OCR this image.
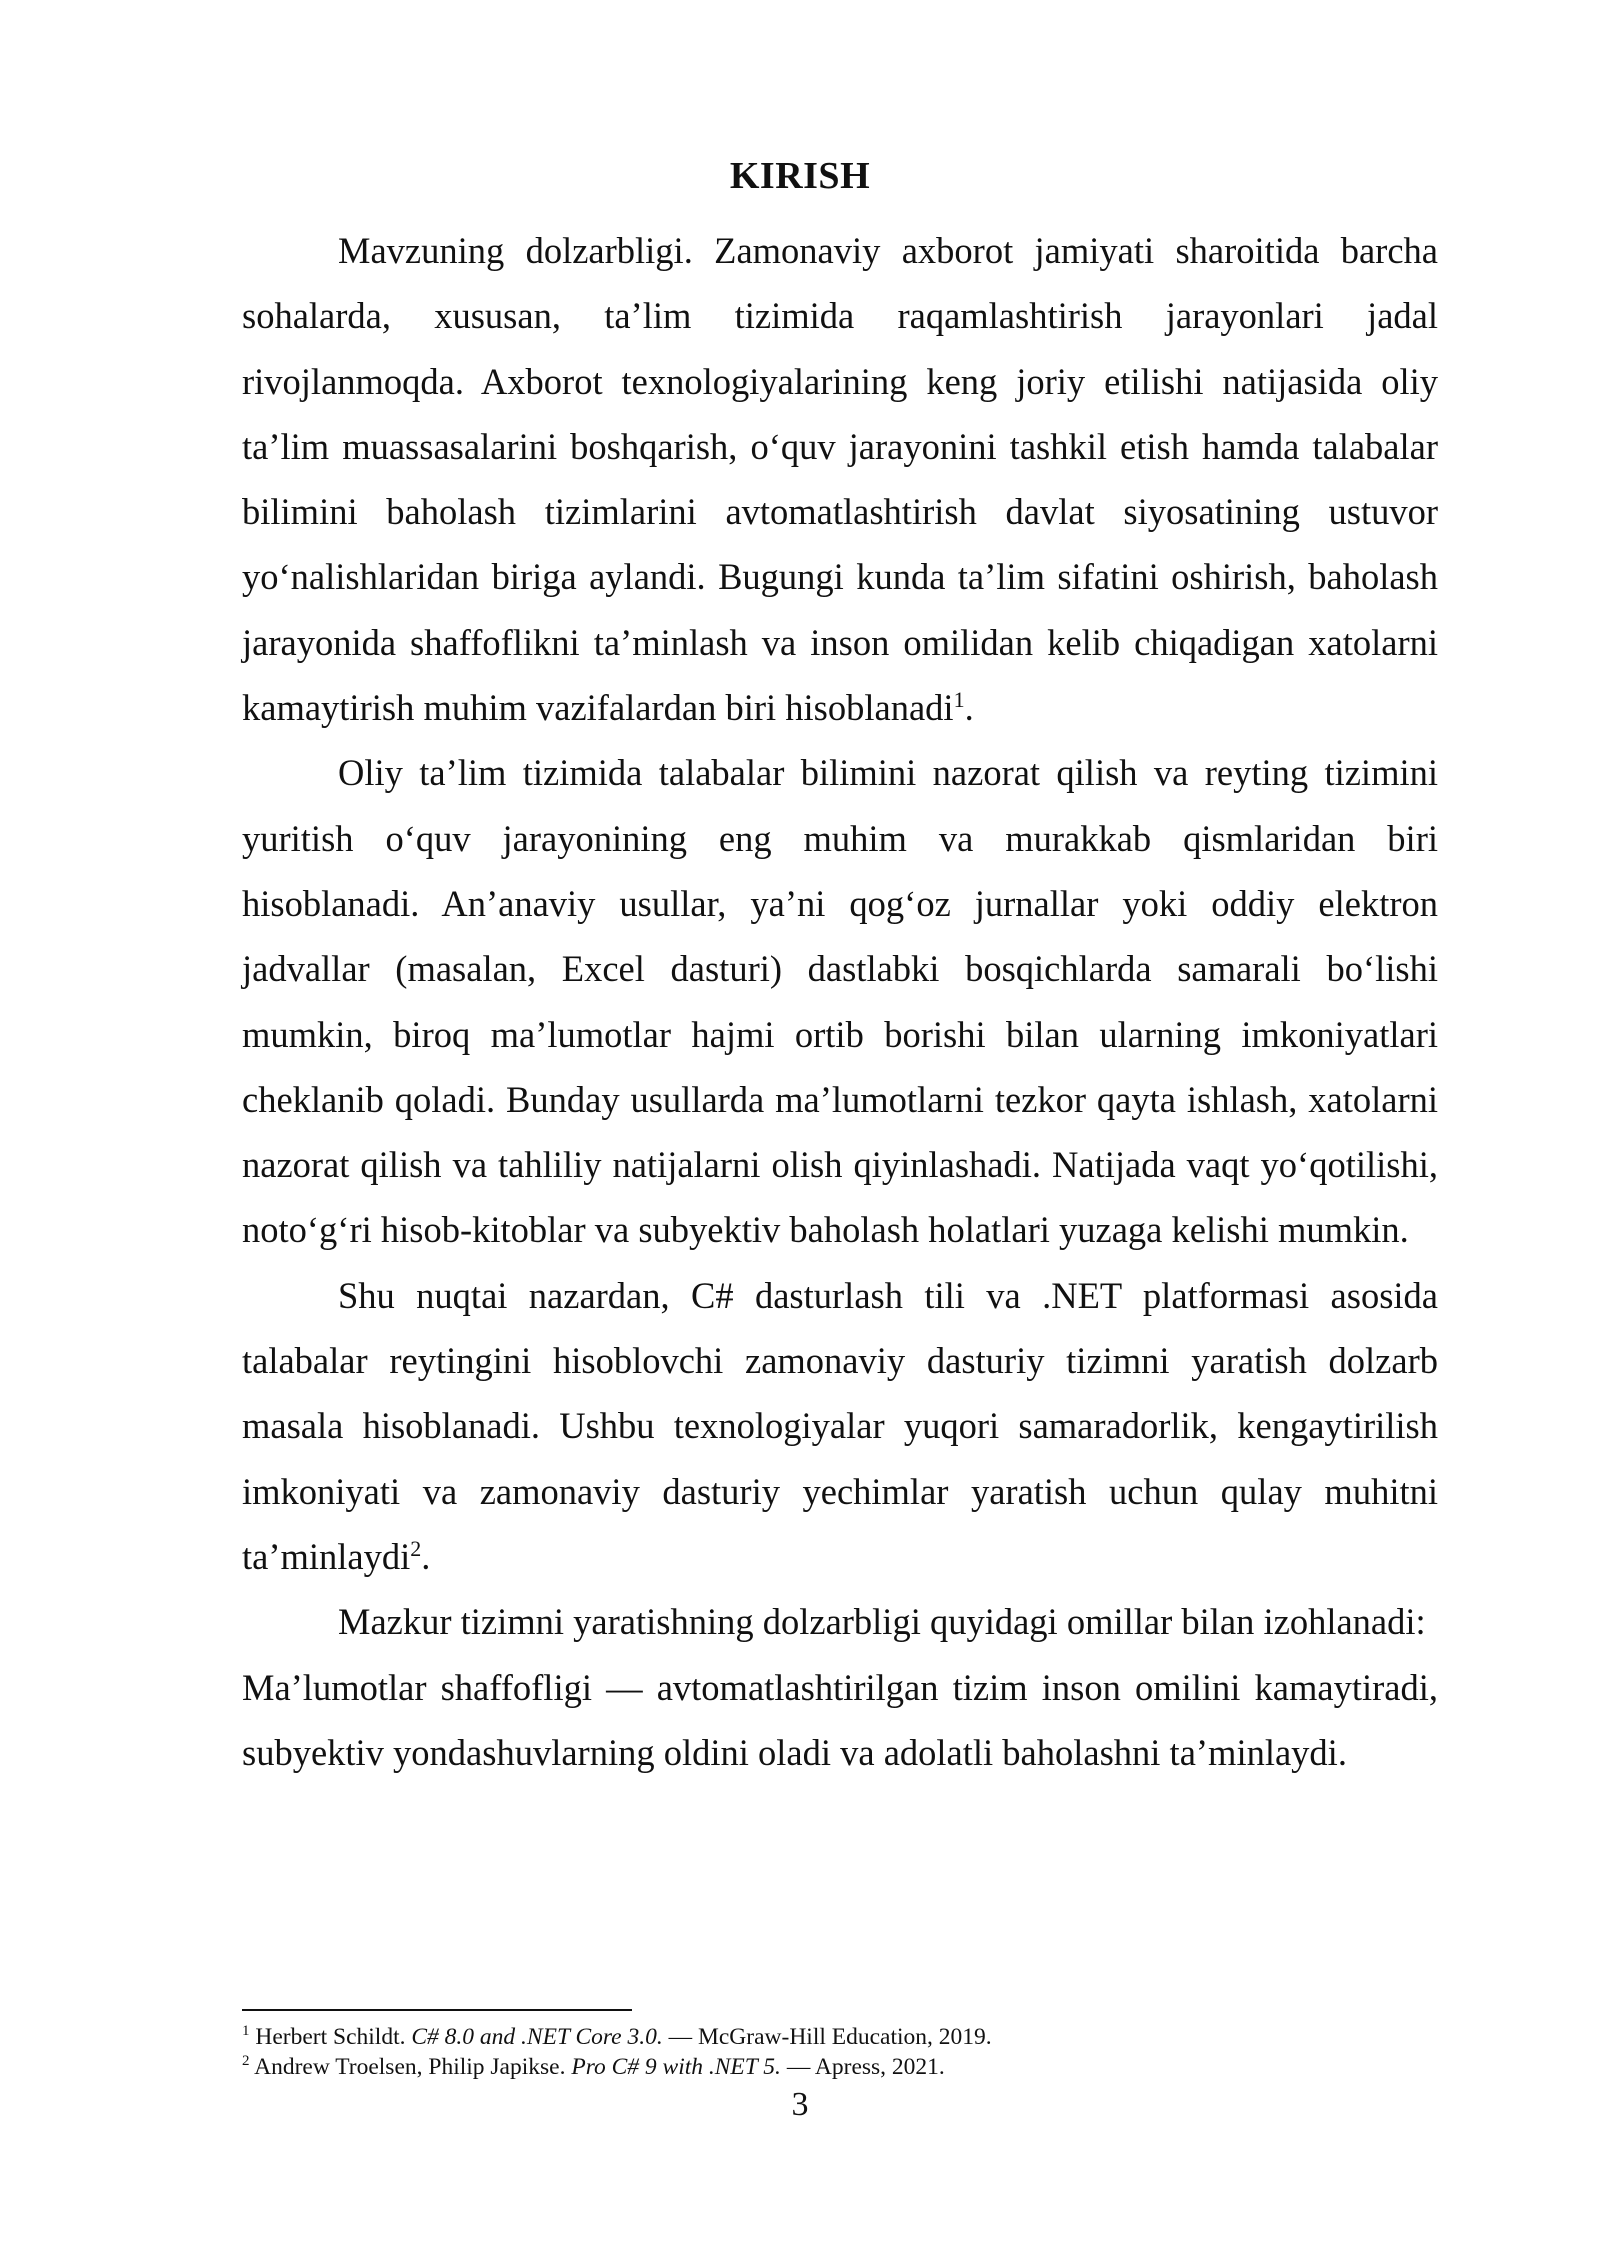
KIRISH

Mavzuning dolzarbligi. Zamonaviy axborot jamiyati sharoitida barcha sohalarda, xususan, ta’lim tizimida raqamlashtirish jarayonlari jadal rivojlanmoqda. Axborot texnologiyalarining keng joriy etilishi natijasida oliy ta’lim muassasalarini boshqarish, o‘quv jarayonini tashkil etish hamda talabalar bilimini baholash tizimlarini avtomatlashtirish davlat siyosatining ustuvor yo‘nalishlaridan biriga aylandi. Bugungi kunda ta’lim sifatini oshirish, baholash jarayonida shaffoflikni ta’minlash va inson omilidan kelib chiqadigan xatolarni kamaytirish muhim vazifalardan biri hisoblanadi$^1$.

Oliy ta’lim tizimida talabalar bilimini nazorat qilish va reyting tizimini yuritish o‘quv jarayonining eng muhim va murakkab qismlaridan biri hisoblanadi. An’anaviy usullar, ya’ni qog‘oz jurnallar yoki oddiy elektron jadvallar (masalan, Excel dasturi) dastlabki bosqichlarda samarali bo‘lishi mumkin, biroq ma’lumotlar hajmi ortib borishi bilan ularning imkoniyatlari cheklanib qoladi. Bunday usullarda ma’lumotlarni tezkor qayta ishlash, xatolarni nazorat qilish va tahliliy natijalarni olish qiyinlashadi. Natijada vaqt yo‘qotilishi, noto‘g‘ri hisob-kitoblar va subyektiv baholash holatlari yuzaga kelishi mumkin.

Shu nuqtai nazardan, C# dasturlash tili va .NET platformasi asosida talabalar reytingini hisoblovchi zamonaviy dasturiy tizimni yaratish dolzarb masala hisoblanadi. Ushbu texnologiyalar yuqori samaradorlik, kengaytirilish imkoniyati va zamonaviy dasturiy yechimlar yaratish uchun qulay muhitni ta’minlaydi$^2$.

Mazkur tizimni yaratishning dolzarbligi quyidagi omillar bilan izohlanadi:

Ma’lumotlar shaffofligi — avtomatlashtirilgan tizim inson omilini kamaytiradi, subyektiv yondashuvlarning oldini oladi va adolatli baholashni ta’minlaydi.

$^1$ Herbert Schildt. C# 8.0 and .NET Core 3.0. — McGraw-Hill Education, 2019.

$^2$ Andrew Troelsen, Philip Japikse. Pro C# 9 with .NET 5. — Apress, 2021.

3
